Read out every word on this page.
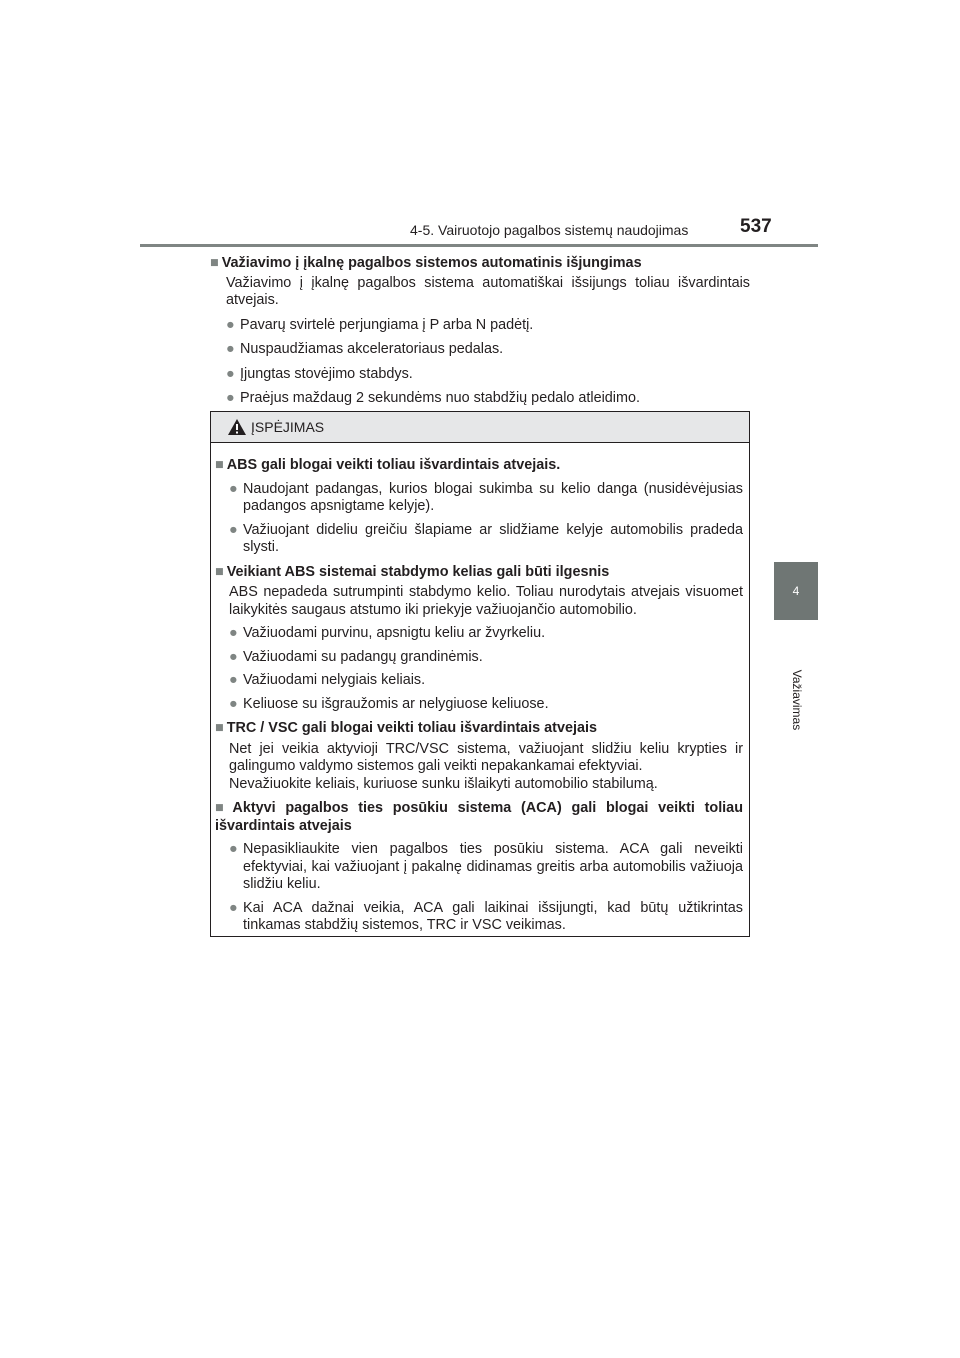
4-5. Vairuotojo pagalbos sistemų naudojimas	537
4
Važiavimas

■ Važiavimo į įkalnę pagalbos sistemos automatinis išjungimas

Važiavimo į įkalnę pagalbos sistema automatiškai išsijungs toliau išvardintais atvejais.
● Pavarų svirtelė perjungiama į P arba N padėtį.
● Nuspaudžiamas akceleratoriaus pedalas.
● Įjungtas stovėjimo stabdys.
● Praėjus maždaug 2 sekundėms nuo stabdžių pedalo atleidimo.
ĮSPĖJIMAS

■ ABS gali blogai veikti toliau išvardintais atvejais.

● Naudojant padangas, kurios blogai sukimba su kelio danga (nusidėvėjusias padangos apsnigtame kelyje).
● Važiuojant dideliu greičiu šlapiame ar slidžiame kelyje automobilis pradeda slysti.

■ Veikiant ABS sistemai stabdymo kelias gali būti ilgesnis

ABS nepadeda sutrumpinti stabdymo kelio. Toliau nurodytais atvejais visuomet laikykitės saugaus atstumo iki priekyje važiuojančio automobilio.
● Važiuodami purvinu, apsnigtu keliu ar žvyrkeliu.
● Važiuodami su padangų grandinėmis.
● Važiuodami nelygiais keliais.
● Keliuose su išgraužomis ar nelygiuose keliuose.

■ TRC / VSC gali blogai veikti toliau išvardintais atvejais

Net jei veikia aktyvioji TRC/VSC sistema, važiuojant slidžiu keliu krypties ir galingumo valdymo sistemos gali veikti nepakankamai efektyviai.
Nevažiuokite keliais, kuriuose sunku išlaikyti automobilio stabilumą.

■ Aktyvi pagalbos ties posūkiu sistema (ACA) gali blogai veikti toliau išvardintais atvejais

● Nepasikliaukite vien pagalbos ties posūkiu sistema. ACA gali neveikti efektyviai, kai važiuojant į pakalnę didinamas greitis arba automobilis važiuoja slidžiu keliu.
● Kai ACA dažnai veikia, ACA gali laikinai išsijungti, kad būtų užtikrintas tinkamas stabdžių sistemos, TRC ir VSC veikimas.
